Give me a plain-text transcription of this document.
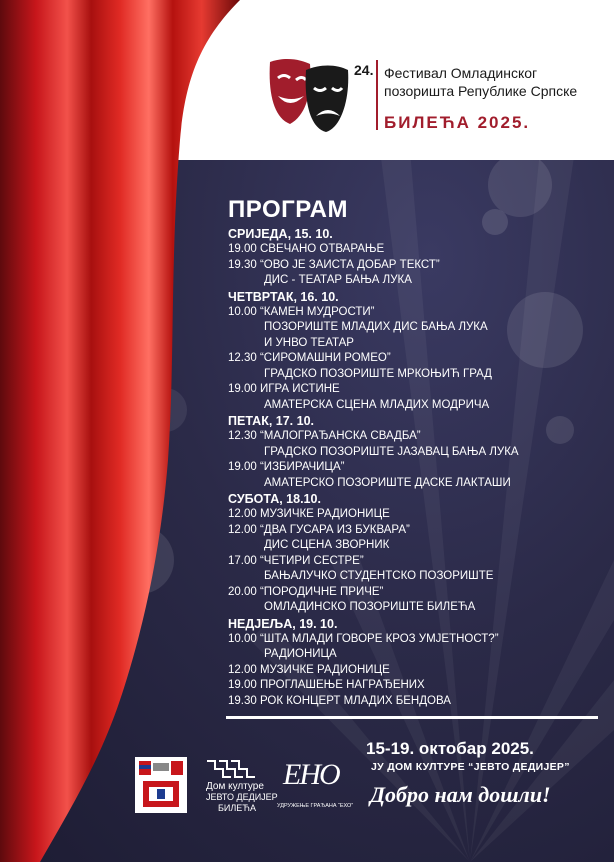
24. Фестивал Омладинског
позоришта Републике Српске
БИЛЕЋА 2025.
ПРОГРАМ
СРИЈЕДА, 15. 10.
19.00 СВЕЧАНО ОТВАРАЊЕ
19.30 “ОВО ЈЕ ЗАИСТА ДОБАР ТЕКСТ”
ДИС - ТЕАТАР БАЊА ЛУКА
ЧЕТВРТАК, 16. 10.
10.00 “КАМЕН МУДРОСТИ”
ПОЗОРИШТЕ МЛАДИХ ДИС БАЊА ЛУКА
И УНВО ТЕАТАР
12.30 “СИРОМАШНИ РОМЕО”
ГРАДСКО ПОЗОРИШТЕ МРКОЊИЋ ГРАД
19.00 ИГРА ИСТИНЕ
АМАТЕРСКА СЦЕНА МЛАДИХ МОДРИЧА
ПЕТАК, 17. 10.
12.30 “МАЛОГРАЂАНСКА СВАДБА”
ГРАДСКО ПОЗОРИШТЕ ЈАЗАВАЦ БАЊА ЛУКА
19.00 “ИЗБИРАЧИЦА”
АМАТЕРСКО ПОЗОРИШТЕ ДАСКЕ ЛАКТАШИ
СУБОТА, 18.10.
12.00 МУЗИЧКЕ РАДИОНИЦЕ
12.00 “ДВА ГУСАРА ИЗ БУКВАРА”
ДИС СЦЕНА ЗВОРНИК
17.00 “ЧЕТИРИ СЕСТРЕ”
БАЊАЛУЧКО СТУДЕНТСКО ПОЗОРИШТЕ
20.00 “ПОРОДИЧНЕ ПРИЧЕ”
ОМЛАДИНСКО ПОЗОРИШТЕ БИЛЕЋА
НЕДЈЕЉА, 19. 10.
10.00 “ШТА МЛАДИ ГОВОРЕ КРОЗ УМЈЕТНОСТ?”
РАДИОНИЦА
12.00 МУЗИЧКЕ РАДИОНИЦЕ
19.00 ПРОГЛАШЕЊЕ НАГРАЂЕНИХ
19.30 РОК КОНЦЕРТ МЛАДИХ БЕНДОВА
Дом културе
ЈЕВТО ДЕДИЈЕР
БИЛЕЋА
ЕHO
УДРУЖЕЊЕ ГРАЂАНА “ЕХО”
15-19. октобар 2025.
ЈУ ДОМ КУЛТУРЕ “ЈЕВТО ДЕДИЈЕР”
Добро нам дошли!
